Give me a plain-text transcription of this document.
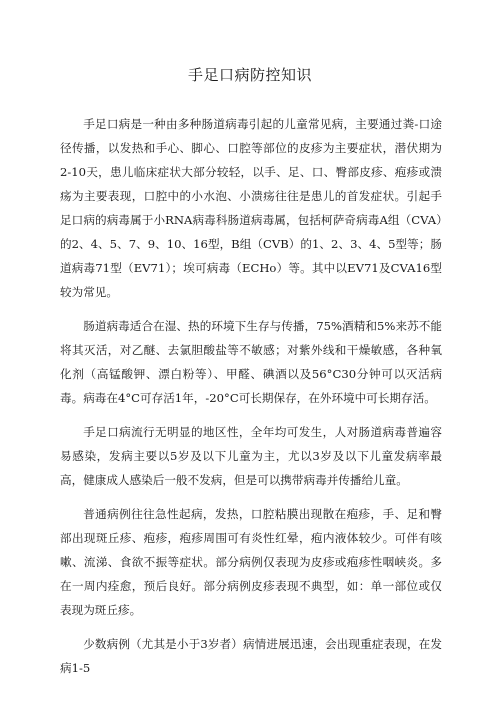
手足口病防控知识

手足口病是一种由多种肠道病毒引起的儿童常见病，主要通过粪-口途径传播，以发热和手心、脚心、口腔等部位的皮疹为主要症状，潜伏期为2-10天，患儿临床症状大部分较轻，以手、足、口、臀部皮疹、疱疹或溃疡为主要表现，口腔中的小水泡、小溃疡往往是患儿的首发症状。引起手足口病的病毒属于小RNA病毒科肠道病毒属，包括柯萨奇病毒A组（CVA）的2、4、5、7、9、10、16型，B组（CVB）的1、2、3、4、5型等；肠道病毒71型（EV71）；埃可病毒（ECHo）等。其中以EV71及CVA16型较为常见。

肠道病毒适合在湿、热的环境下生存与传播，75%酒精和5%来苏不能将其灭活，对乙醚、去氯胆酸盐等不敏感；对紫外线和干燥敏感，各种氧化剂（高锰酸钾、漂白粉等）、甲醛、碘酒以及56°C30分钟可以灭活病毒。病毒在4°C可存活1年，-20°C可长期保存，在外环境中可长期存活。

手足口病流行无明显的地区性，全年均可发生，人对肠道病毒普遍容易感染，发病主要以5岁及以下儿童为主，尤以3岁及以下儿童发病率最高，健康成人感染后一般不发病，但是可以携带病毒并传播给儿童。

普通病例往往急性起病，发热，口腔粘膜出现散在疱疹，手、足和臀部出现斑丘疹、疱疹，疱疹周围可有炎性红晕，疱内液体较少。可伴有咳嗽、流涕、食欲不振等症状。部分病例仅表现为皮疹或疱疹性咽峡炎。多在一周内痊愈，预后良好。部分病例皮疹表现不典型，如：单一部位或仅表现为斑丘疹。

少数病例（尤其是小于3岁者）病情进展迅速，会出现重症表现，在发病1-5
